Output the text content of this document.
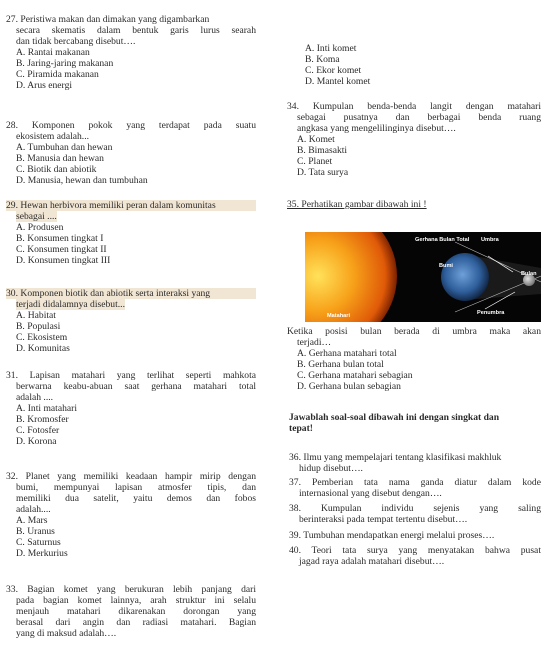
27. Peristiwa makan dan dimakan yang digambarkan
secara skematis dalam bentuk garis lurus searah
dan tidak bercabang disebut….
A. Rantai makanan
B. Jaring-jaring makanan
C. Piramida makanan
D. Arus energi
28. Komponen pokok yang terdapat pada suatu
ekosistem adalah...
A. Tumbuhan dan hewan
B. Manusia dan hewan
C. Biotik dan abiotik
D. Manusia, hewan dan tumbuhan
29. Hewan herbivora memiliki peran dalam komunitas
sebagai ....
A. Produsen
B. Konsumen tingkat I
C. Konsumen tingkat II
D. Konsumen tingkat III
30. Komponen biotik dan abiotik serta interaksi yang
terjadi didalamnya disebut...
A. Habitat
B. Populasi
C. Ekosistem
D. Komunitas
31. Lapisan matahari yang terlihat seperti mahkota
berwarna keabu-abuan saat gerhana matahari total
adalah ....
A. Inti matahari
B. Kromosfer
C. Fotosfer
D. Korona
32. Planet yang memiliki keadaan hampir mirip dengan
bumi, mempunyai lapisan atmosfer tipis, dan
memiliki dua satelit, yaitu demos dan fobos
adalah....
A. Mars
B. Uranus
C. Saturnus
D. Merkurius
33. Bagian komet yang berukuran lebih panjang dari
pada bagian komet lainnya, arah struktur ini selalu
menjauh matahari dikarenakan dorongan yang
berasal dari angin dan radiasi matahari. Bagian
yang di maksud adalah….
A. Inti komet
B. Koma
C. Ekor komet
D. Mantel komet
34. Kumpulan benda-benda langit dengan matahari
sebagai pusatnya dan berbagai benda ruang
angkasa yang mengelilinginya disebut….
A. Komet
B. Bimasakti
C. Planet
D. Tata surya
35. Perhatikan gambar dibawah ini !
Gerhana Bulan Total Umbra
Bumi
Bulan
Matahari	Penumbra
Ketika posisi bulan berada di umbra maka akan
terjadi…
A. Gerhana matahari total
B. Gerhana bulan total
C. Gerhana matahari sebagian
D. Gerhana bulan sebagian
Jawablah soal-soal dibawah ini dengan singkat dan
tepat!
36. Ilmu yang mempelajari tentang klasifikasi makhluk
hidup disebut….
37. Pemberian tata nama ganda diatur dalam kode
internasional yang disebut dengan….
38. Kumpulan individu sejenis yang saling
berinteraksi pada tempat tertentu disebut….
39. Tumbuhan mendapatkan energi melalui proses….
40. Teori tata surya yang menyatakan bahwa pusat
jagad raya adalah matahari disebut….
